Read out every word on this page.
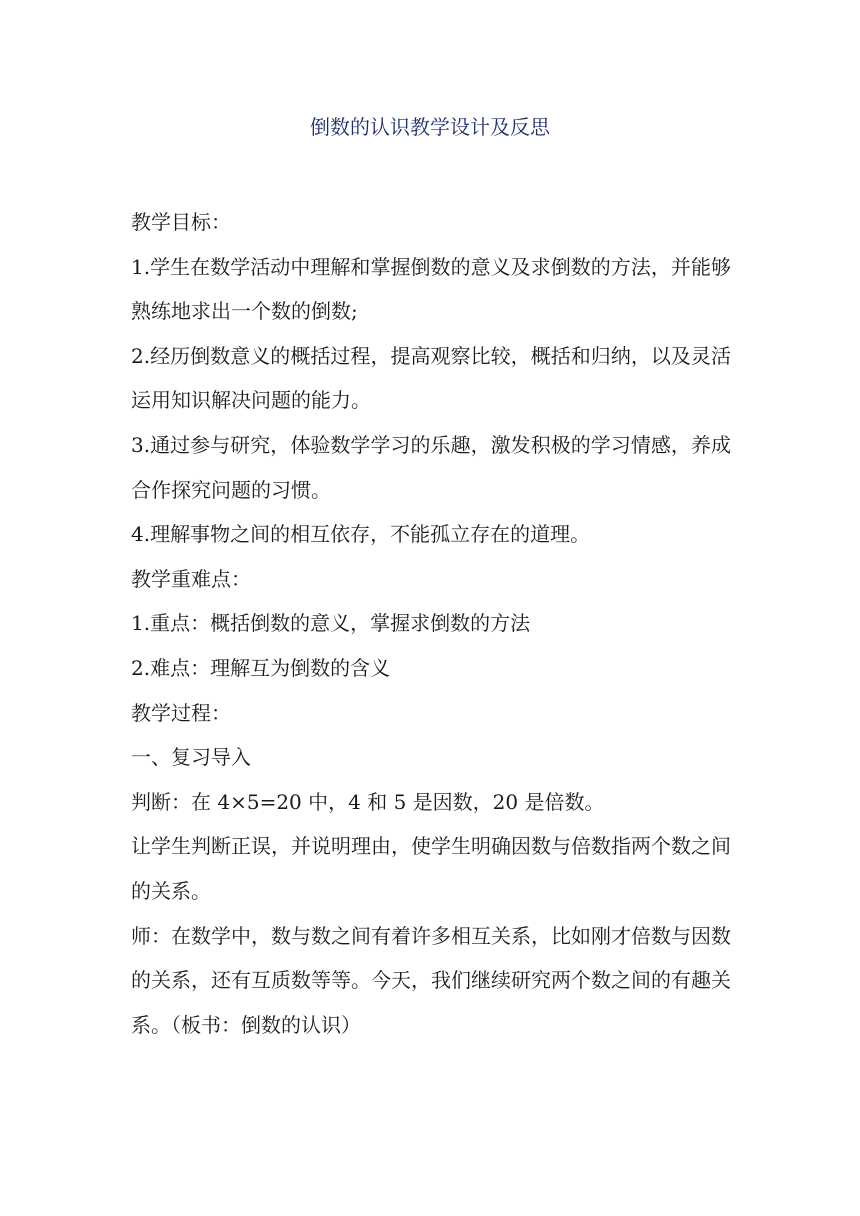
倒数的认识教学设计及反思

教学目标：

1.学生在数学活动中理解和掌握倒数的意义及求倒数的方法，并能够熟练地求出一个数的倒数;

2.经历倒数意义的概括过程，提高观察比较，概括和归纳，以及灵活运用知识解决问题的能力。

3.通过参与研究，体验数学学习的乐趣，激发积极的学习情感，养成合作探究问题的习惯。

4.理解事物之间的相互依存，不能孤立存在的道理。

教学重难点：

1.重点：概括倒数的意义，掌握求倒数的方法

2.难点：理解互为倒数的含义

教学过程：

一、复习导入

判断：在 4×5=20 中，4 和 5 是因数，20 是倍数。

让学生判断正误，并说明理由，使学生明确因数与倍数指两个数之间的关系。

师：在数学中，数与数之间有着许多相互关系，比如刚才倍数与因数的关系，还有互质数等等。今天，我们继续研究两个数之间的有趣关系。（板书：倒数的认识）
